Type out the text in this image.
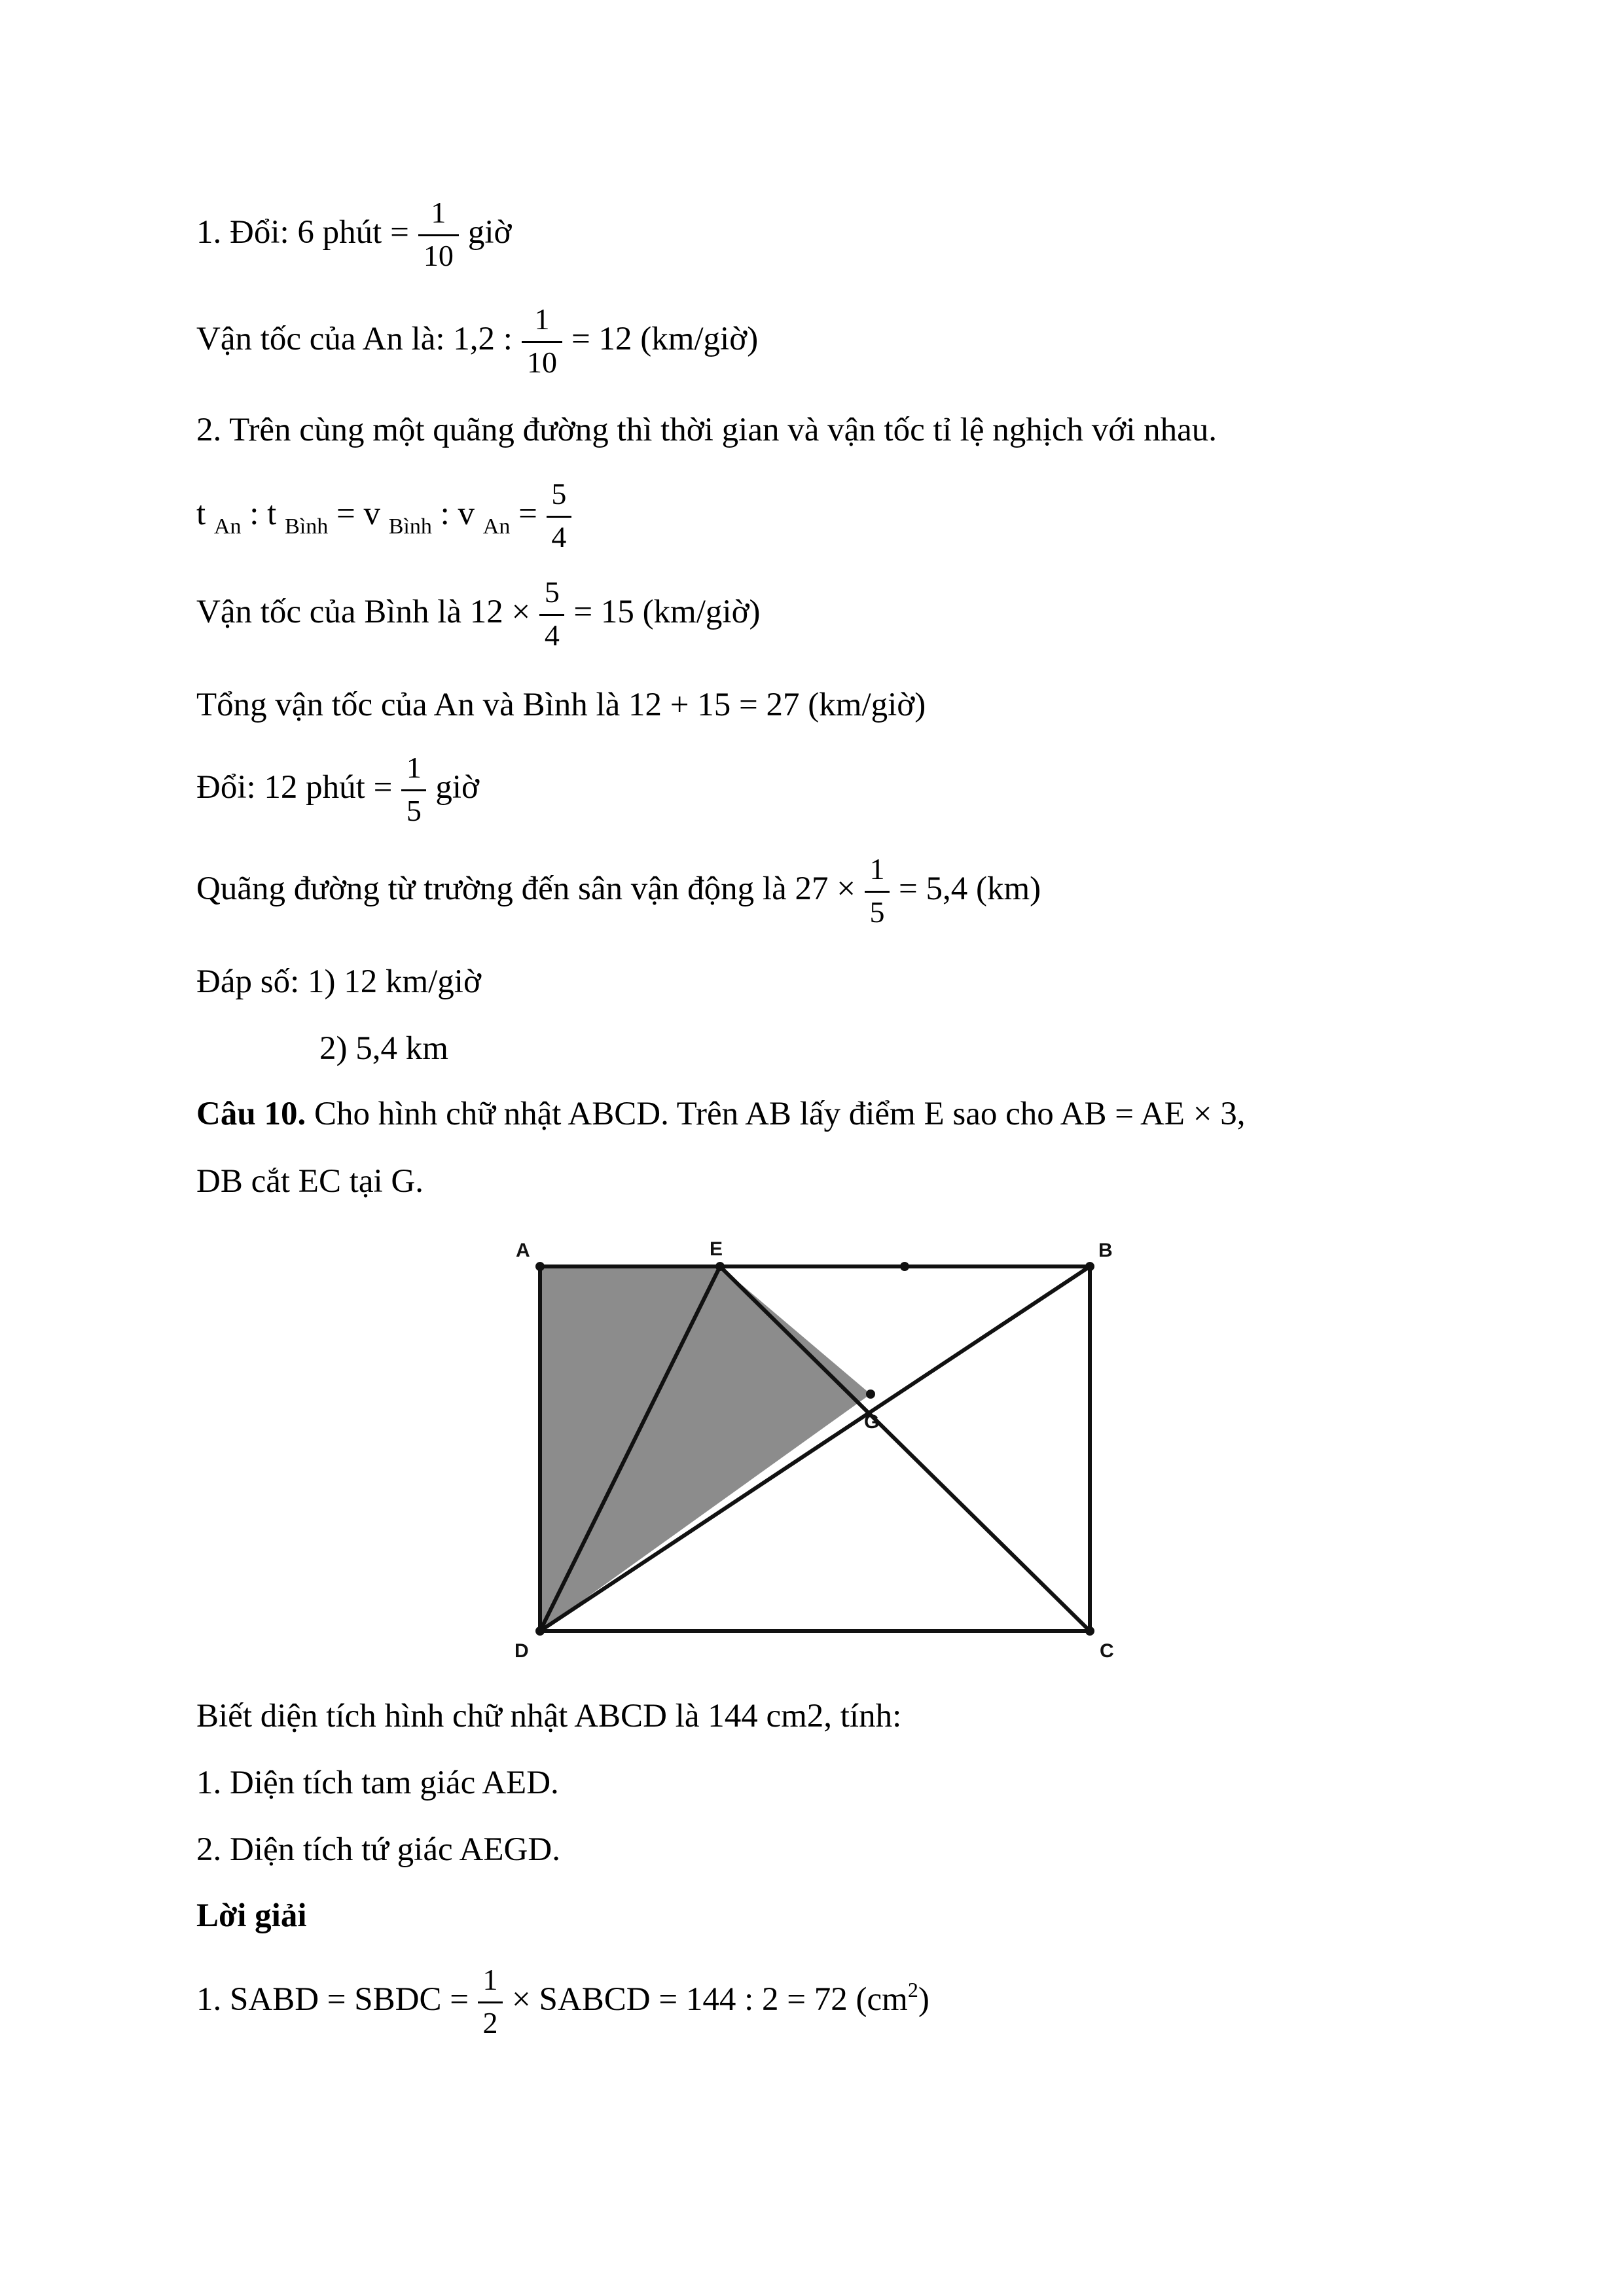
1. Đổi: 6 phút = $\frac{1}{10}$ giờ
Vận tốc của An là: 1,2 : $\frac{1}{10} = 12$ (km/giờ)
2. Trên cùng một quãng đường thì thời gian và vận tốc tỉ lệ nghịch với nhau.
t $_{An}$ : t $_{Bình}$ = v $_{Bình}$ : v $_{An} = \frac{5}{4}$
Vận tốc của Bình là $12 \times \frac{5}{4} = 15$ (km/giờ)
Tổng vận tốc của An và Bình là 12 + 15 = 27 (km/giờ)
Đổi: 12 phút = $\frac{1}{5}$ giờ
Quãng đường từ trường đến sân vận động là $27 \times \frac{1}{5} = 5,4$ (km)
Đáp số: 1) 12 km/giờ
2) 5,4 km
Câu 10. Cho hình chữ nhật ABCD. Trên AB lấy điểm E sao cho AB = AE × 3,
DB cắt EC tại G.
A	E	B
G
D	C
Biết diện tích hình chữ nhật ABCD là 144 cm2, tính:
1. Diện tích tam giác AED.
2. Diện tích tứ giác AEGD.
Lời giải
1. SABD = SBDC = $\frac{1}{2}$ × SABCD = 144 : 2 = 72 $(cm^2)$
